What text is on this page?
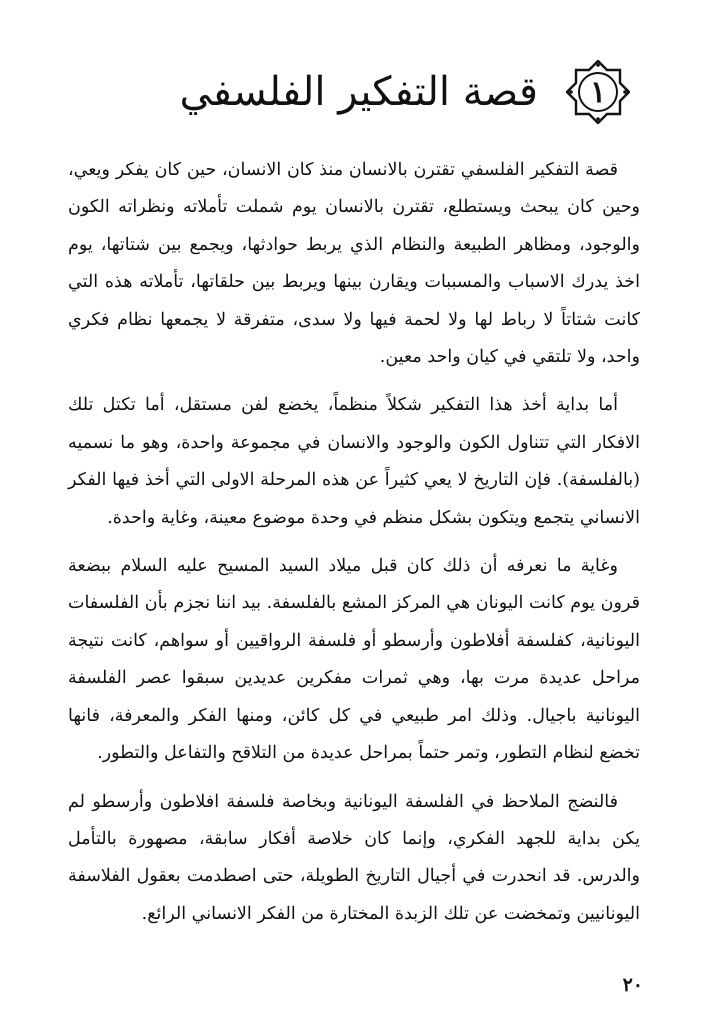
١
قصة التفكير الفلسفي

قصة التفكير الفلسفي تقترن بالانسان منذ كان الانسان، حين كان يفكر ويعي، وحين كان يبحث ويستطلع، تقترن بالانسان يوم شملت تأملاته ونظراته الكون والوجود، ومظاهر الطبيعة والنظام الذي يربط حوادثها، ويجمع بين شتاتها، يوم اخذ يدرك الاسباب والمسببات ويقارن بينها ويربط بين حلقاتها، تأملاته هذه التي كانت شتاتاً لا رباط لها ولا لحمة فيها ولا سدى، متفرقة لا يجمعها نظام فكري واحد، ولا تلتقي في كيان واحد معين.

أما بداية أخذ هذا التفكير شكلاً منظماً، يخضع لفن مستقل، أما تكتل تلك الافكار التي تتناول الكون والوجود والانسان في مجموعة واحدة، وهو ما نسميه (بالفلسفة). فإن التاريخ لا يعي كثيراً عن هذه المرحلة الاولى التي أخذ فيها الفكر الانساني يتجمع ويتكون بشكل منظم في وحدة موضوع معينة، وغاية واحدة.

وغاية ما نعرفه أن ذلك كان قبل ميلاد السيد المسيح عليه السلام ببضعة قرون يوم كانت اليونان هي المركز المشع بالفلسفة. بيد اننا نجزم بأن الفلسفات اليونانية، كفلسفة أفلاطون وأرسطو أو فلسفة الرواقيين أو سواهم، كانت نتيجة مراحل عديدة مرت بها، وهي ثمرات مفكرين عديدين سبقوا عصر الفلسفة اليونانية باجيال. وذلك امر طبيعي في كل كائن، ومنها الفكر والمعرفة، فانها تخضع لنظام التطور، وتمر حتماً بمراحل عديدة من التلاقح والتفاعل والتطور.

فالنضج الملاحظ في الفلسفة اليونانية وبخاصة فلسفة افلاطون وأرسطو لم يكن بداية للجهد الفكري، وإنما كان خلاصة أفكار سابقة، مصهورة بالتأمل والدرس. قد انحدرت في أجيال التاريخ الطويلة، حتى اصطدمت بعقول الفلاسفة اليونانيين وتمخضت عن تلك الزبدة المختارة من الفكر الانساني الرائع.

٢٠
